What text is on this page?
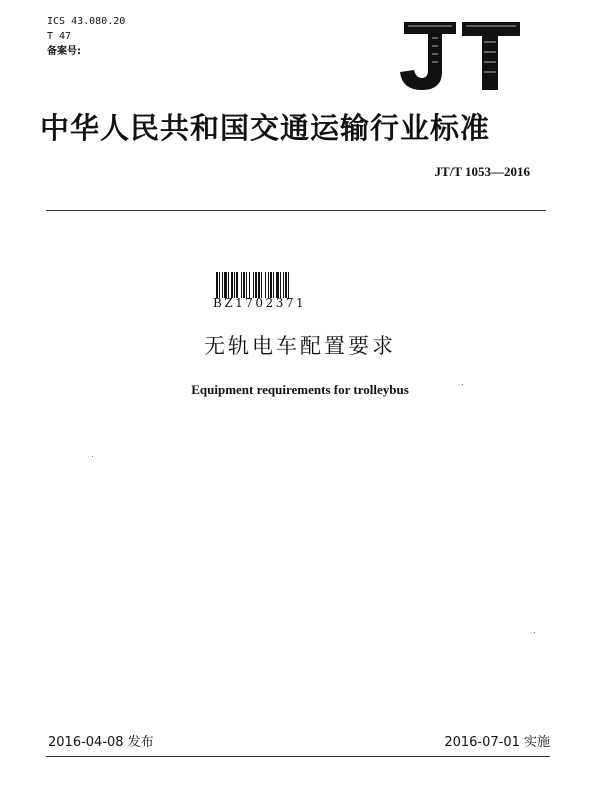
ICS 43.080.20
T 47
备案号:
中华人民共和国交通运输行业标准
JT/T 1053—2016
BZ1702371
无轨电车配置要求
Equipment requirements for trolleybus
2016-04-08 发布	2016-07-01 实施
